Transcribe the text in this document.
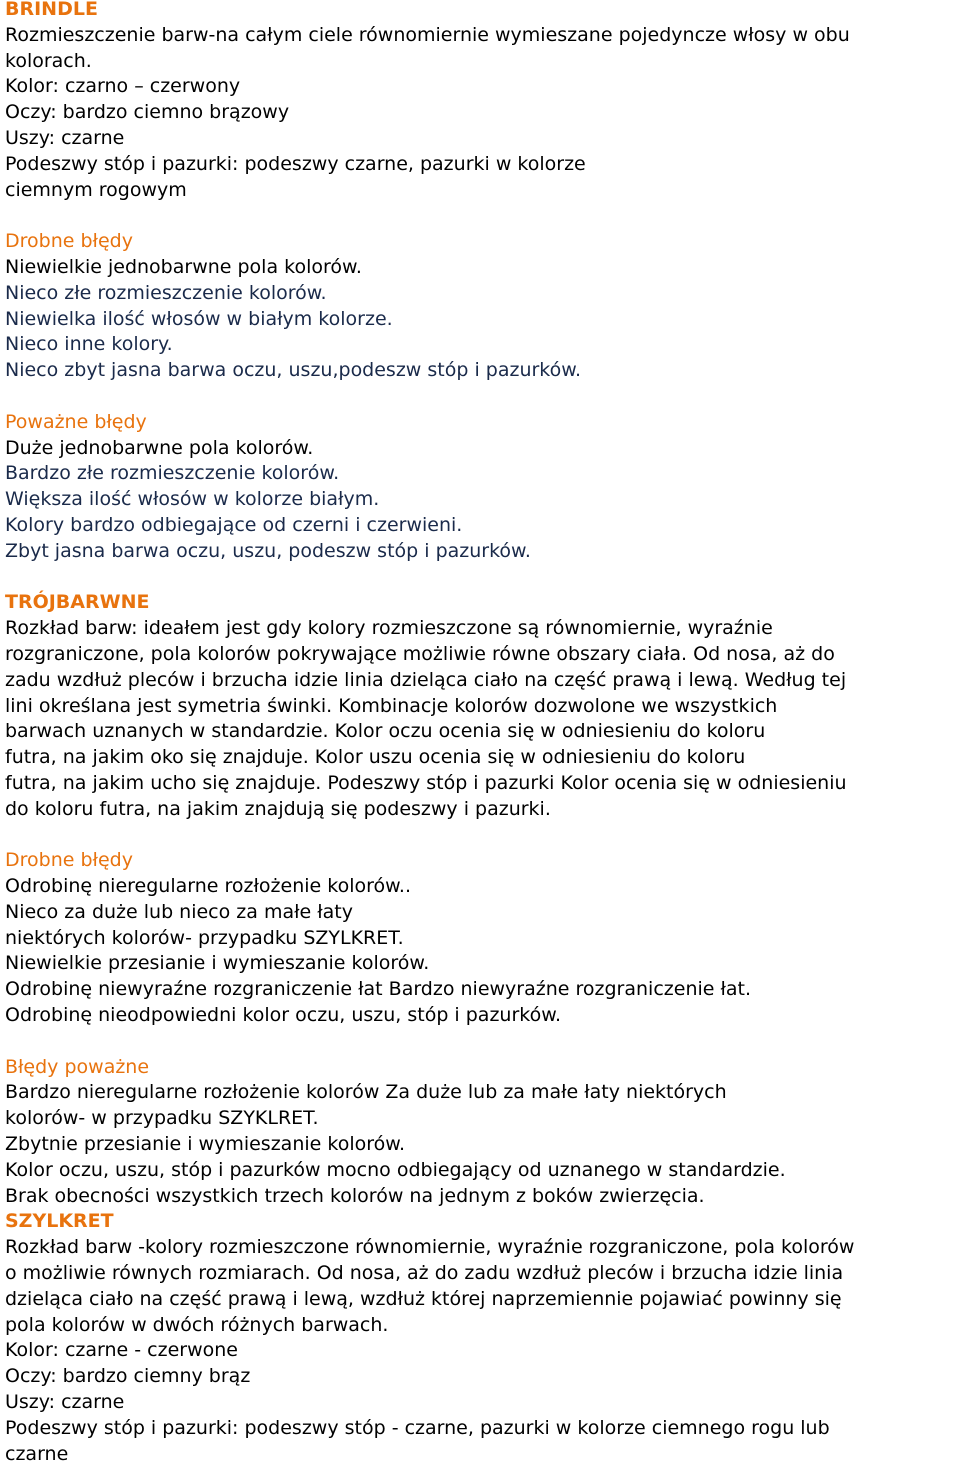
BRINDLE
Rozmieszczenie barw-na całym ciele równomiernie wymieszane pojedyncze włosy w obu
kolorach.
Kolor: czarno – czerwony
Oczy: bardzo ciemno brązowy
Uszy: czarne
Podeszwy stóp i pazurki: podeszwy czarne, pazurki w kolorze
ciemnym rogowym
Drobne błędy
Niewielkie jednobarwne pola kolorów.
Nieco złe rozmieszczenie kolorów.
Niewielka ilość włosów w białym kolorze.
Nieco inne kolory.
Nieco zbyt jasna barwa oczu, uszu,podeszw stóp i pazurków.
Poważne błędy
Duże jednobarwne pola kolorów.
Bardzo złe rozmieszczenie kolorów.
Większa ilość włosów w kolorze białym.
Kolory bardzo odbiegające od czerni i czerwieni.
Zbyt jasna barwa oczu, uszu, podeszw stóp i pazurków.
TRÓJBARWNE
Rozkład barw: ideałem jest gdy kolory rozmieszczone są równomiernie, wyraźnie
rozgraniczone, pola kolorów pokrywające możliwie równe obszary ciała. Od nosa, aż do
zadu wzdłuż pleców i brzucha idzie linia dzieląca ciało na część prawą i lewą. Według tej
lini określana jest symetria świnki. Kombinacje kolorów dozwolone we wszystkich
barwach uznanych w standardzie. Kolor oczu ocenia się w odniesieniu do koloru
futra, na jakim oko się znajduje. Kolor uszu ocenia się w odniesieniu do koloru
futra, na jakim ucho się znajduje. Podeszwy stóp i pazurki Kolor ocenia się w odniesieniu
do koloru futra, na jakim znajdują się podeszwy i pazurki.
Drobne błędy
Odrobinę nieregularne rozłożenie kolorów..
Nieco za duże lub nieco za małe łaty
niektórych kolorów- przypadku SZYLKRET.
Niewielkie przesianie i wymieszanie kolorów.
Odrobinę niewyraźne rozgraniczenie łat Bardzo niewyraźne rozgraniczenie łat.
Odrobinę nieodpowiedni kolor oczu, uszu, stóp i pazurków.
Błędy poważne
Bardzo nieregularne rozłożenie kolorów Za duże lub za małe łaty niektórych
kolorów- w przypadku SZYKLRET.
Zbytnie przesianie i wymieszanie kolorów.
Kolor oczu, uszu, stóp i pazurków mocno odbiegający od uznanego w standardzie.
Brak obecności wszystkich trzech kolorów na jednym z boków zwierzęcia.
SZYLKRET
Rozkład barw -kolory rozmieszczone równomiernie, wyraźnie rozgraniczone, pola kolorów
o możliwie równych rozmiarach. Od nosa, aż do zadu wzdłuż pleców i brzucha idzie linia
dzieląca ciało na część prawą i lewą, wzdłuż której naprzemiennie pojawiać powinny się
pola kolorów w dwóch różnych barwach.
Kolor: czarne - czerwone
Oczy: bardzo ciemny brąz
Uszy: czarne
Podeszwy stóp i pazurki: podeszwy stóp - czarne, pazurki w kolorze ciemnego rogu lub
czarne
